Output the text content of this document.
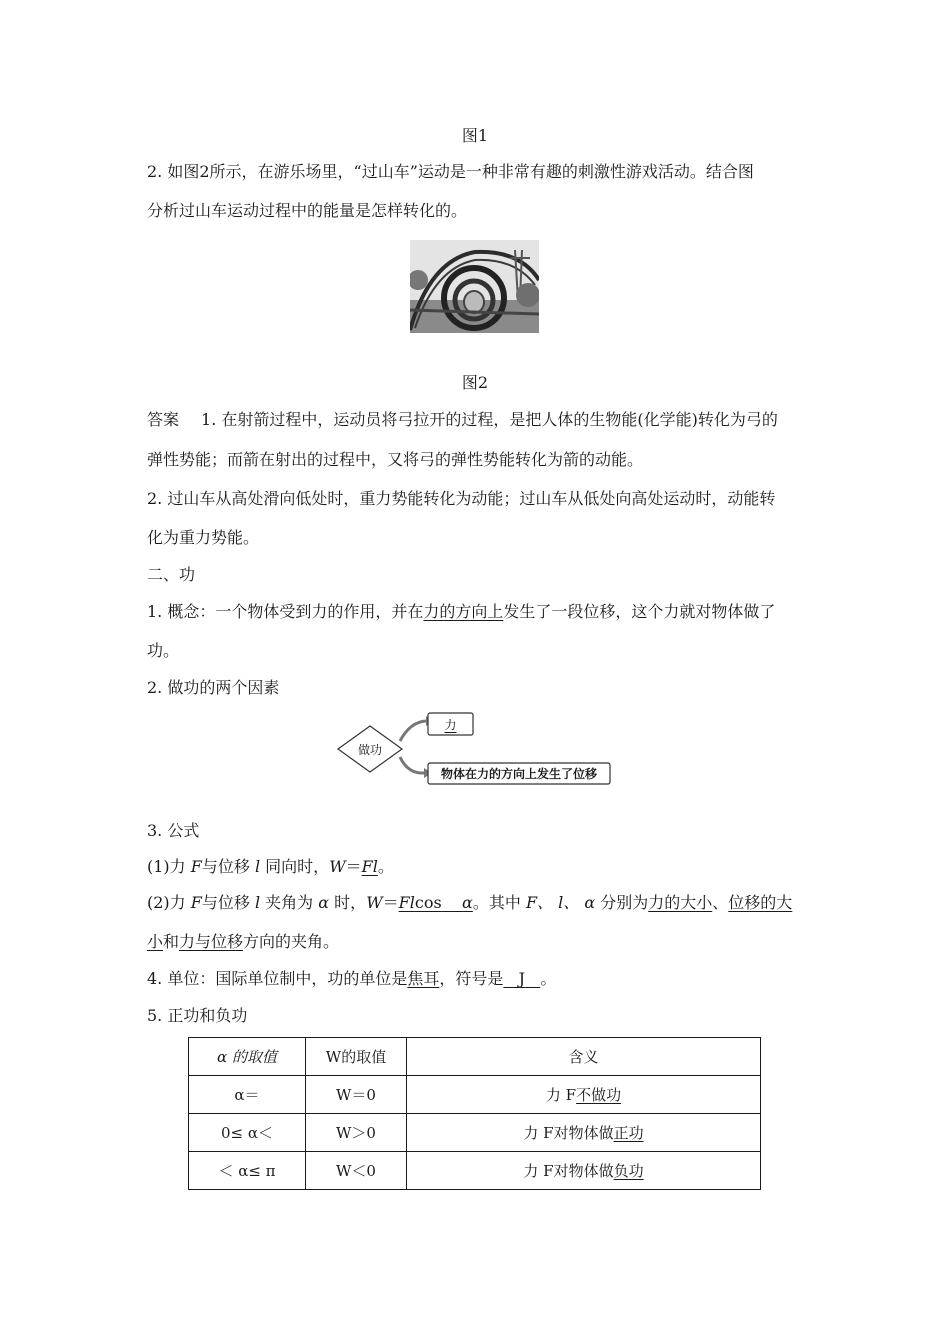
图1
2. 如图2所示，在游乐场里，“过山车”运动是一种非常有趣的刺激性游戏活动。结合图
分析过山车运动过程中的能量是怎样转化的。
图2
答案 1. 在射箭过程中，运动员将弓拉开的过程，是把人体的生物能(化学能)转化为弓的
弹性势能；而箭在射出的过程中，又将弓的弹性势能转化为箭的动能。
2. 过山车从高处滑向低处时，重力势能转化为动能；过山车从低处向高处运动时，动能转
化为重力势能。
二、功
1. 概念：一个物体受到力的作用，并在力的方向上发生了一段位移，这个力就对物体做了
功。
2. 做功的两个因素
做功
力
物体在力的方向上发生了位移
3. 公式
(1)力 F与位移 l 同向时，W＝Fl。
(2)力 F与位移 l 夹角为 α 时，W＝Flcos α。其中 F、 l、 α 分别为力的大小、位移的大
小和力与位移方向的夹角。
4. 单位：国际单位制中，功的单位是焦耳，符号是 J 。
5. 正功和负功
α 的取值	W的取值	含义
α＝	W＝0	力 F不做功
0≤ α＜	W＞0	力 F对物体做正功
＜ α≤ π	W＜0	力 F对物体做负功
